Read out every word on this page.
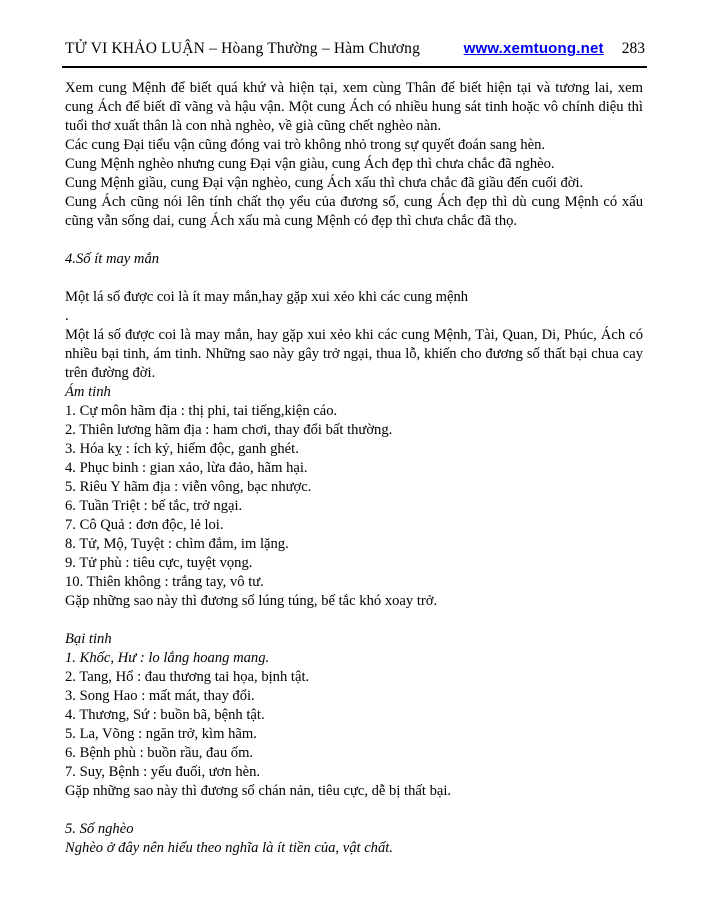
TỬ VI KHẢO LUẬN – Hòang Thường – Hàm Chương	www.xemtuong.net 283

Xem cung Mệnh để biết quá khứ và hiện tại, xem cùng Thân để biết hiện tại và tương lai, xem

cung Ách để biết dĩ vãng và hậu vận. Một cung Ách có nhiều hung sát tinh hoặc vô chính diệu thì

tuổi thơ xuất thân là con nhà nghèo, về già cũng chết nghèo nàn.

Các cung Đại tiểu vận cũng đóng vai trò không nhỏ trong sự quyết đoán sang hèn.

Cung Mệnh nghèo nhưng cung Đại vận giàu, cung Ách đẹp thì chưa chắc đã nghèo.

Cung Mệnh giầu, cung Đại vận nghèo, cung Ách xấu thì chưa chắc đã giầu đến cuối đời.

Cung Ách cũng nói lên tính chất thọ yểu của đương số, cung Ách đẹp thì dù cung Mệnh có xấu

cũng vẫn sống dai, cung Ách xấu mà cung Mệnh có đẹp thì chưa chắc đã thọ.

4.Số ít may mắn

Một lá số được coi là ít may mắn,hay gặp xui xẻo khi các cung mệnh

.

Một lá số được coi là may mắn, hay gặp xui xẻo khi các cung Mệnh, Tài, Quan, Di, Phúc, Ách có

nhiều bại tinh, ám tinh. Những sao này gây trở ngại, thua lỗ, khiến cho đương số thất bại chua cay

trên đường đời.

Ám tinh

1. Cự môn hãm địa : thị phi, tai tiếng,kiện cáo.

2. Thiên lương hãm địa : ham chơi, thay đổi bất thường.

3. Hóa kỵ : ích kỷ, hiểm độc, ganh ghét.

4. Phục binh : gian xảo, lừa đảo, hãm hại.

5. Riêu Y hãm địa : viễn vông, bạc nhược.

6. Tuần Triệt : bế tắc, trở ngại.

7. Cô Quả : đơn độc, lẻ loi.

8. Tử, Mộ, Tuyệt : chìm đắm, im lặng.

9. Tử phù : tiêu cực, tuyệt vọng.

10. Thiên không : trắng tay, vô tư.

Gặp những sao này thì đương số lúng túng, bế tắc khó xoay trở.

Bại tinh

1. Khốc, Hư : lo lắng hoang mang.

2. Tang, Hổ : đau thương tai họa, bịnh tật.

3. Song Hao : mất mát, thay đổi.

4. Thương, Sứ : buồn bã, bệnh tật.

5. La, Võng : ngăn trở, kìm hãm.

6. Bệnh phù : buồn rầu, đau ốm.

7. Suy, Bệnh : yếu đuối, ươn hèn.

Gặp những sao này thì đương số chán nản, tiêu cực, dễ bị thất bại.

5. Số nghèo

Nghèo ở đây nên hiểu theo nghĩa là ít tiền của, vật chất.
